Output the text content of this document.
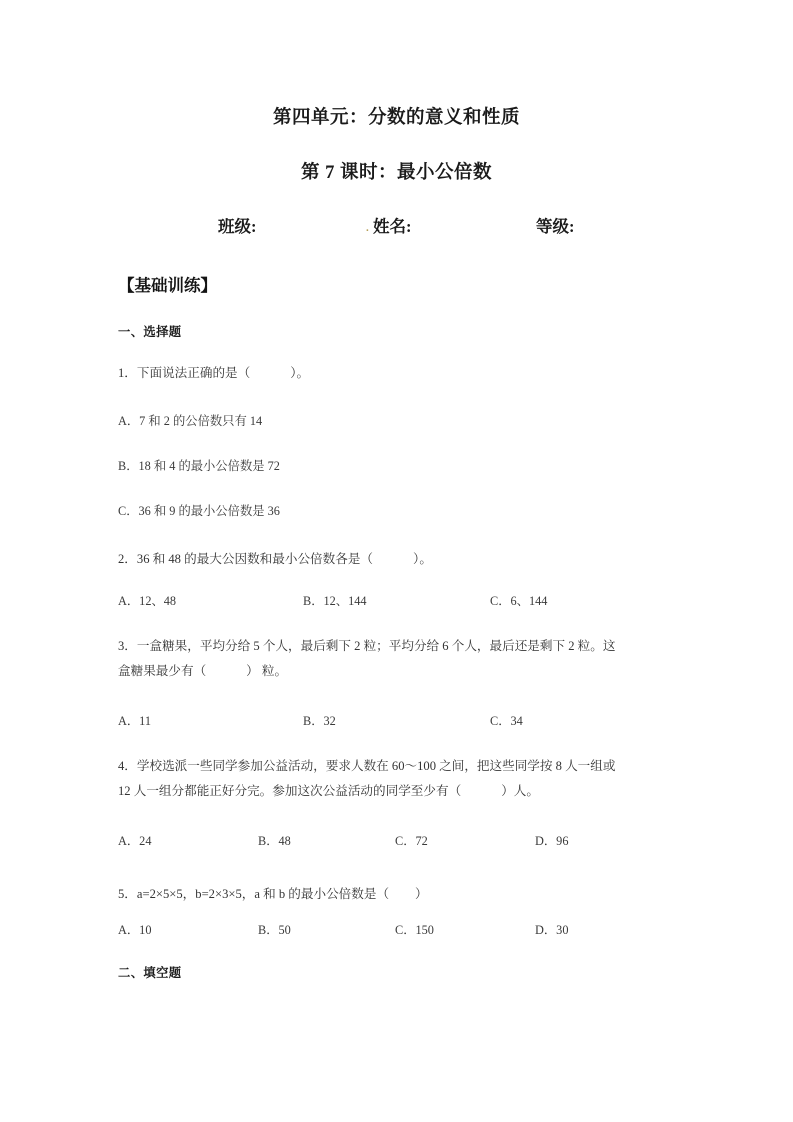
第四单元：分数的意义和性质
第 7 课时：最小公倍数
班级:	. 姓名:	等级:
【基础训练】
一、选择题
1．下面说法正确的是（	）。
A．7 和 2 的公倍数只有 14
B．18 和 4 的最小公倍数是 72
C．36 和 9 的最小公倍数是 36
2．36 和 48 的最大公因数和最小公倍数各是（	）。
A．12、48	B．12、144	C．6、144
3．一盒糖果，平均分给 5 个人，最后剩下 2 粒；平均分给 6 个人，最后还是剩下 2 粒。这
盒糖果最少有（	） 粒。
A．11	B．32	C．34
4．学校选派一些同学参加公益活动，要求人数在 60～100 之间，把这些同学按 8 人一组或
12 人一组分都能正好分完。参加这次公益活动的同学至少有（	）人。
A．24	B．48	C．72	D．96
5．a=2×5×5，b=2×3×5，a 和 b 的最小公倍数是（ ）
A．10	B．50	C．150	D．30
二、填空题
